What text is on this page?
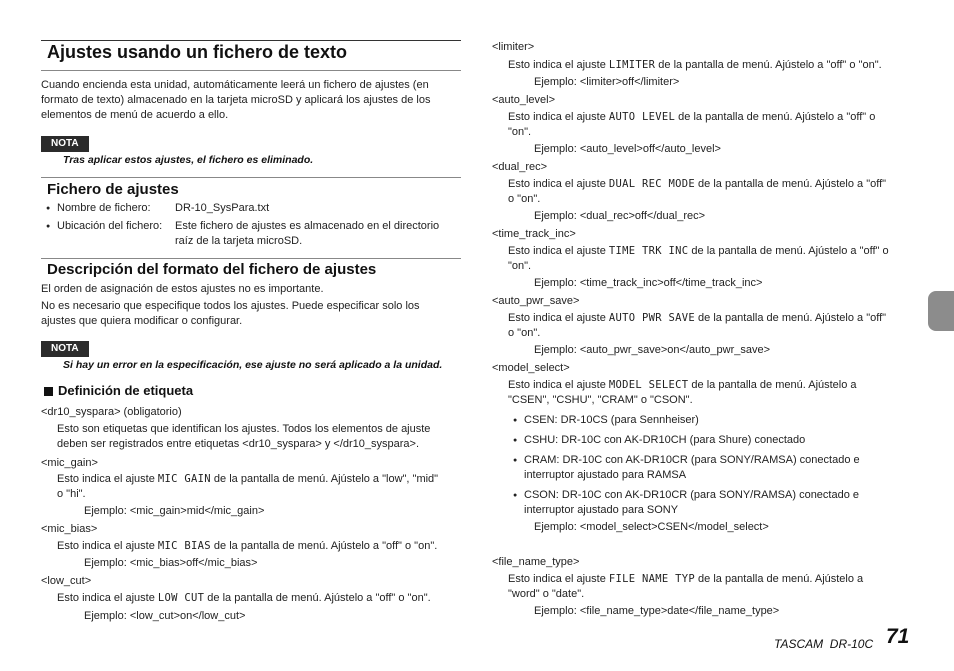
Ajustes usando un fichero de texto
Cuando encienda esta unidad, automáticamente leerá un fichero de ajustes (en
formato de texto) almacenado en la tarjeta microSD y aplicará los ajustes de los
elementos de menú de acuerdo a ello.
NOTA
Tras aplicar estos ajustes, el fichero es eliminado.
Fichero de ajustes
● Nombre de fichero: DR-10_SysPara.txt
● Ubicación del fichero: Este fichero de ajustes es almacenado en el directorio
raíz de la tarjeta microSD.
Descripción del formato del fichero de ajustes
El orden de asignación de estos ajustes no es importante.
No es necesario que especifique todos los ajustes. Puede especificar solo los
ajustes que quiera modificar o configurar.
NOTA
Si hay un error en la especificación, ese ajuste no será aplicado a la unidad.
Definición de etiqueta
<dr10_syspara> (obligatorio)
Esto son etiquetas que identifican los ajustes. Todos los elementos de ajuste
deben ser registrados entre etiquetas <dr10_syspara> y </dr10_syspara>.
<mic_gain>
Esto indica el ajuste MIC GAIN de la pantalla de menú. Ajústelo a "low", "mid"
o "hi".
Ejemplo: <mic_gain>mid</mic_gain>
<mic_bias>
Esto indica el ajuste MIC BIAS de la pantalla de menú. Ajústelo a "off" o "on".
Ejemplo: <mic_bias>off</mic_bias>
<low_cut>
Esto indica el ajuste LOW CUT de la pantalla de menú. Ajústelo a "off" o "on".
Ejemplo: <low_cut>on</low_cut>
<limiter>
Esto indica el ajuste LIMITER de la pantalla de menú. Ajústelo a "off" o "on".
Ejemplo: <limiter>off</limiter>
<auto_level>
Esto indica el ajuste AUTO LEVEL de la pantalla de menú. Ajústelo a "off" o
"on".
Ejemplo: <auto_level>off</auto_level>
<dual_rec>
Esto indica el ajuste DUAL REC MODE de la pantalla de menú. Ajústelo a "off"
o "on".
Ejemplo: <dual_rec>off</dual_rec>
<time_track_inc>
Esto indica el ajuste TIME TRK INC de la pantalla de menú. Ajústelo a "off" o
"on".
Ejemplo: <time_track_inc>off</time_track_inc>
<auto_pwr_save>
Esto indica el ajuste AUTO PWR SAVE de la pantalla de menú. Ajústelo a "off"
o "on".
Ejemplo: <auto_pwr_save>on</auto_pwr_save>
<model_select>
Esto indica el ajuste MODEL SELECT de la pantalla de menú. Ajústelo a
"CSEN", "CSHU", "CRAM" o "CSON".
● CSEN: DR-10CS (para Sennheiser)
● CSHU: DR-10C con AK-DR10CH (para Shure) conectado
● CRAM: DR-10C con AK-DR10CR (para SONY/RAMSA) conectado e
interruptor ajustado para RAMSA
● CSON: DR-10C con AK-DR10CR (para SONY/RAMSA) conectado e
interruptor ajustado para SONY
Ejemplo: <model_select>CSEN</model_select>
<file_name_type>
Esto indica el ajuste FILE NAME TYP de la pantalla de menú. Ajústelo a
"word" o "date".
Ejemplo: <file_name_type>date</file_name_type>
TASCAM  DR-10C 71
